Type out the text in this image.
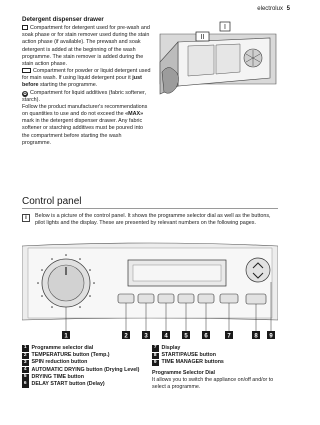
electrolux 5
Detergent dispenser drawer

Compartment for detergent used for pre-wash and soak phase or for stain remover used during the stain action phase (if available). The prewash and soak detergent is added at the beginning of the wash programme. The stain remover is added during the stain action phase.

Compartment for powder or liquid detergent used for main wash. If using liquid detergent pour it just before starting the programme.

✿ Compartment for liquid additives (fabric softener, starch).

Follow the product manufacturer's recommendations on quantities to use and do not exceed the «MAX» mark in the detergent dispenser drawer. Any fabric softener or starching additives must be poured into the compartment before starting the wash programme.

I
II
Control panel
i	Below is a picture of the control panel. It shows the programme selector dial as well as the buttons, pilot lights and the display. These are presented by relevant numbers on the following pages.

1	2	3	4	5	6	7	8 9
1 Programme selector dial
2 TEMPERATURE button (Temp.)
3 SPIN reduction button
4 AUTOMATIC DRYING button (Drying Level)
5 DRYING TIME button
6 DELAY START button (Delay)
7 Display
8 START/PAUSE button
9 TIME MANAGER buttons
Programme Selector Dial

It allows you to switch the appliance on/off and/or to select a programme.
